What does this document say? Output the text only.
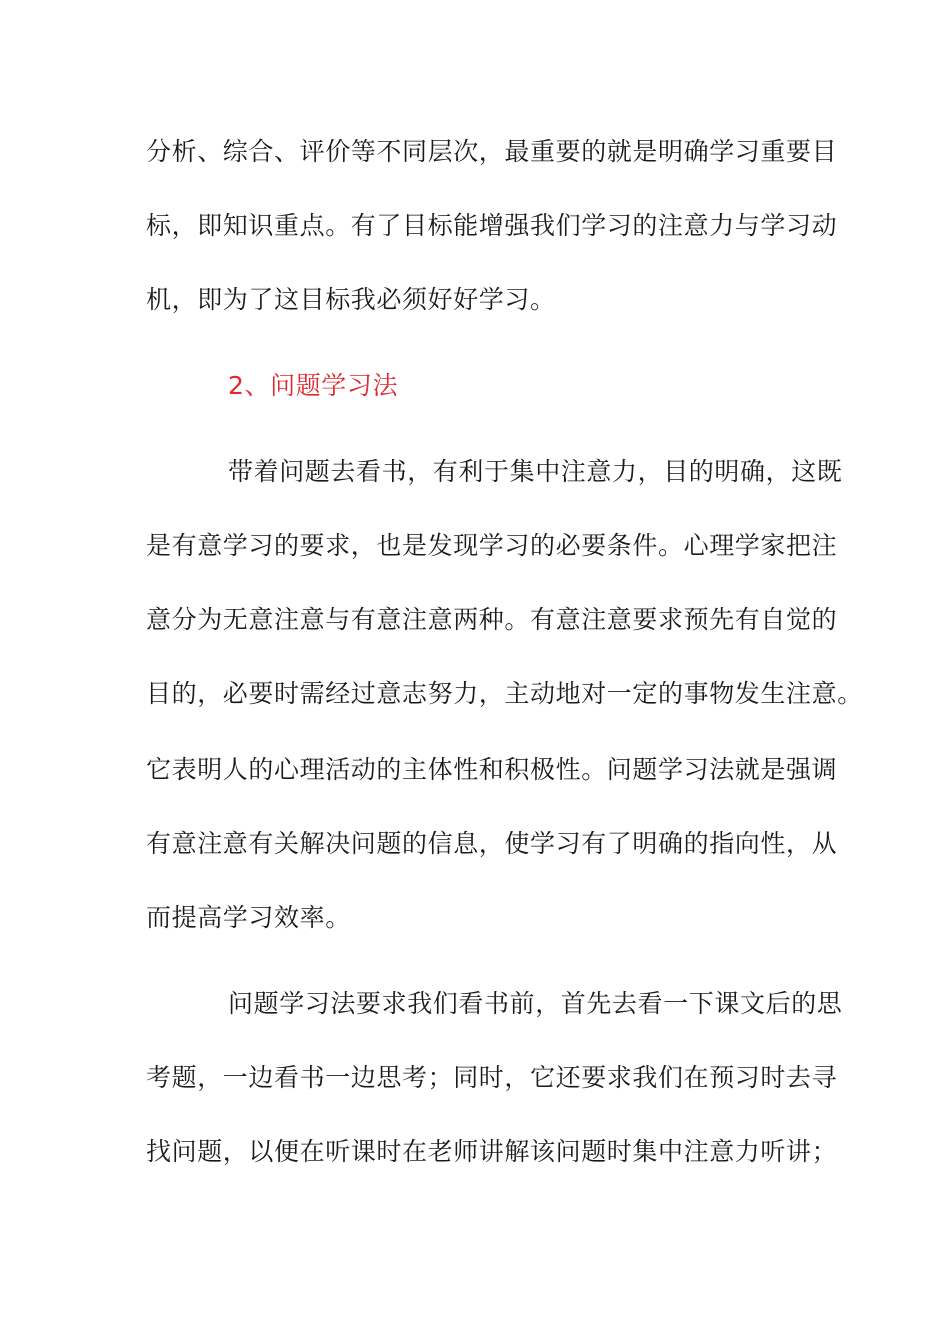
分析、综合、评价等不同层次，最重要的就是明确学习重要目
标，即知识重点。有了目标能增强我们学习的注意力与学习动
机，即为了这目标我必须好好学习。
2、问题学习法
带着问题去看书，有利于集中注意力，目的明确，这既
是有意学习的要求，也是发现学习的必要条件。心理学家把注
意分为无意注意与有意注意两种。有意注意要求预先有自觉的
目的，必要时需经过意志努力，主动地对一定的事物发生注意。
它表明人的心理活动的主体性和积极性。问题学习法就是强调
有意注意有关解决问题的信息，使学习有了明确的指向性，从
而提高学习效率。
问题学习法要求我们看书前，首先去看一下课文后的思
考题，一边看书一边思考；同时，它还要求我们在预习时去寻
找问题，以便在听课时在老师讲解该问题时集中注意力听讲；
